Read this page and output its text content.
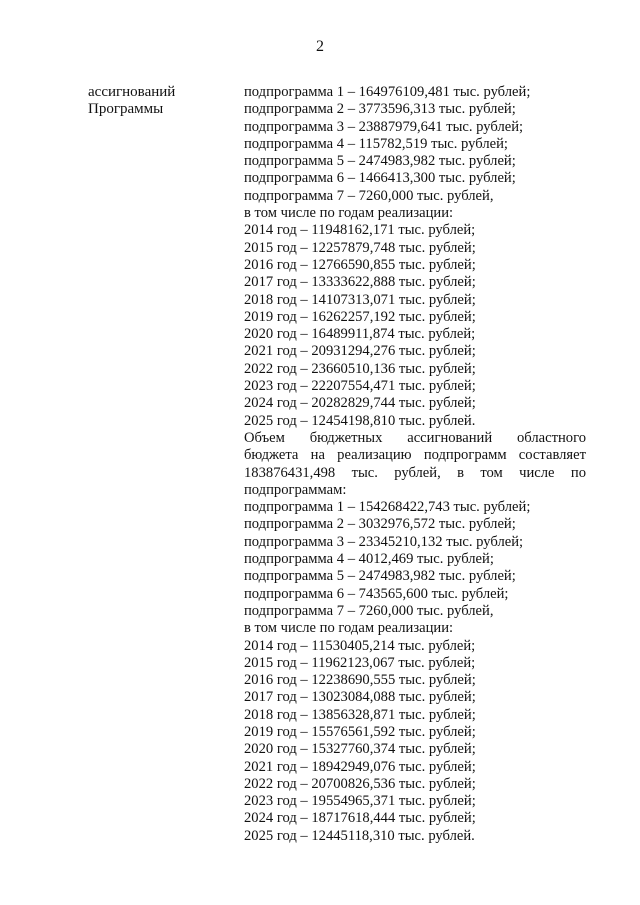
2
ассигнований
Программы
подпрограмма 1 – 164976109,481 тыс. рублей;
подпрограмма 2 – 3773596,313 тыс. рублей;
подпрограмма 3 – 23887979,641 тыс. рублей;
подпрограмма 4 – 115782,519 тыс. рублей;
подпрограмма 5 – 2474983,982 тыс. рублей;
подпрограмма 6 – 1466413,300 тыс. рублей;
подпрограмма 7 – 7260,000 тыс. рублей,
в том числе по годам реализации:
2014 год – 11948162,171 тыс. рублей;
2015 год – 12257879,748 тыс. рублей;
2016 год – 12766590,855 тыс. рублей;
2017 год – 13333622,888 тыс. рублей;
2018 год – 14107313,071 тыс. рублей;
2019 год – 16262257,192 тыс. рублей;
2020 год – 16489911,874 тыс. рублей;
2021 год – 20931294,276 тыс. рублей;
2022 год – 23660510,136 тыс. рублей;
2023 год – 22207554,471 тыс. рублей;
2024 год – 20282829,744 тыс. рублей;
2025 год – 12454198,810 тыс. рублей.
Объем бюджетных ассигнований областного
бюджета на реализацию подпрограмм составляет
183876431,498 тыс. рублей, в том числе по
подпрограммам:
подпрограмма 1 – 154268422,743 тыс. рублей;
подпрограмма 2 – 3032976,572 тыс. рублей;
подпрограмма 3 – 23345210,132 тыс. рублей;
подпрограмма 4 – 4012,469 тыс. рублей;
подпрограмма 5 – 2474983,982 тыс. рублей;
подпрограмма 6 – 743565,600 тыс. рублей;
подпрограмма 7 – 7260,000 тыс. рублей,
в том числе по годам реализации:
2014 год – 11530405,214 тыс. рублей;
2015 год – 11962123,067 тыс. рублей;
2016 год – 12238690,555 тыс. рублей;
2017 год – 13023084,088 тыс. рублей;
2018 год – 13856328,871 тыс. рублей;
2019 год – 15576561,592 тыс. рублей;
2020 год – 15327760,374 тыс. рублей;
2021 год – 18942949,076 тыс. рублей;
2022 год – 20700826,536 тыс. рублей;
2023 год – 19554965,371 тыс. рублей;
2024 год – 18717618,444 тыс. рублей;
2025 год – 12445118,310 тыс. рублей.
